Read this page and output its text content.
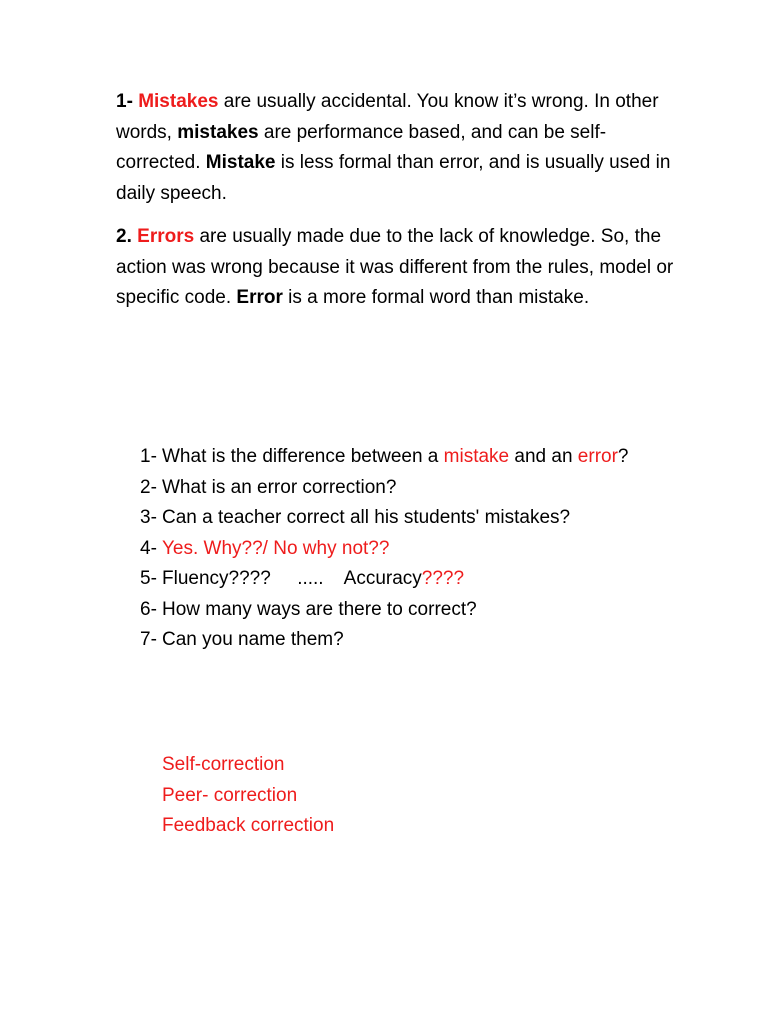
1- Mistakes are usually accidental. You know it’s wrong. In other words, mistakes are performance based, and can be self-corrected. Mistake is less formal than error, and is usually used in daily speech.

2. Errors are usually made due to the lack of knowledge. So, the action was wrong because it was different from the rules, model or specific code. Error is a more formal word than mistake.

1- What is the difference between a mistake and an error?
2- What is an error correction?
3- Can a teacher correct all his students' mistakes?
4- Yes. Why??/ No why not??
5- Fluency????     .....    Accuracy????
6- How many ways are there to correct?
7- Can you name them?
Self-correction
Peer- correction
Feedback correction
